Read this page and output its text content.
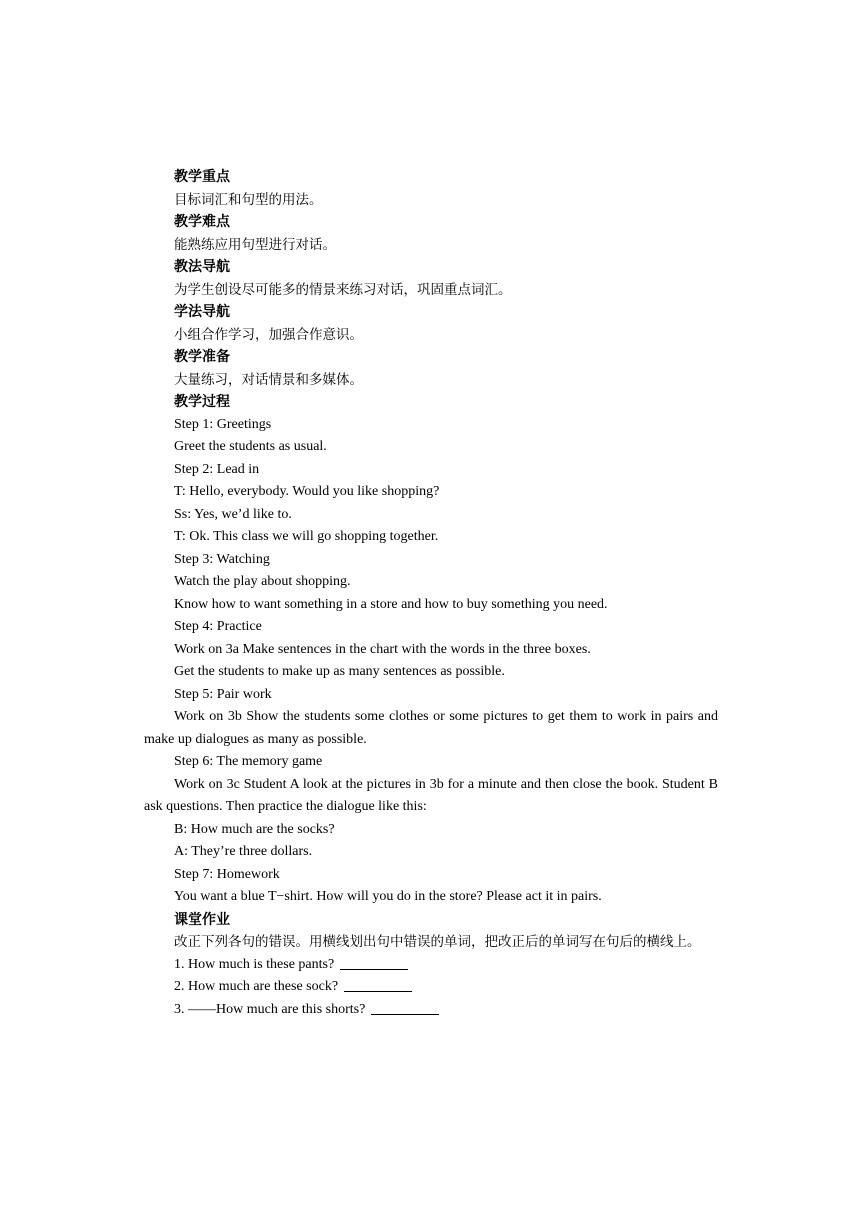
教学重点
目标词汇和句型的用法。
教学难点
能熟练应用句型进行对话。
教法导航
为学生创设尽可能多的情景来练习对话，巩固重点词汇。
学法导航
小组合作学习，加强合作意识。
教学准备
大量练习，对话情景和多媒体。
教学过程
Step 1: Greetings
Greet the students as usual.
Step 2: Lead in
T: Hello, everybody. Would you like shopping?
Ss: Yes, we’d like to.
T: Ok. This class we will go shopping together.
Step 3: Watching
Watch the play about shopping.
Know how to want something in a store and how to buy something you need.
Step 4: Practice
Work on 3a Make sentences in the chart with the words in the three boxes.
Get the students to make up as many sentences as possible.
Step 5: Pair work
Work on 3b Show the students some clothes or some pictures to get them to work in pairs and make up dialogues as many as possible.
Step 6: The memory game
Work on 3c Student A look at the pictures in 3b for a minute and then close the book. Student B ask questions. Then practice the dialogue like this:
B: How much are the socks?
A: They’re three dollars.
Step 7: Homework
You want a blue T−shirt. How will you do in the store? Please act it in pairs.
课堂作业
改正下列各句的错误。用横线划出句中错误的单词，把改正后的单词写在句后的横线上。
1. How much is these pants?
2. How much are these sock?
3. ——How much are this shorts?
